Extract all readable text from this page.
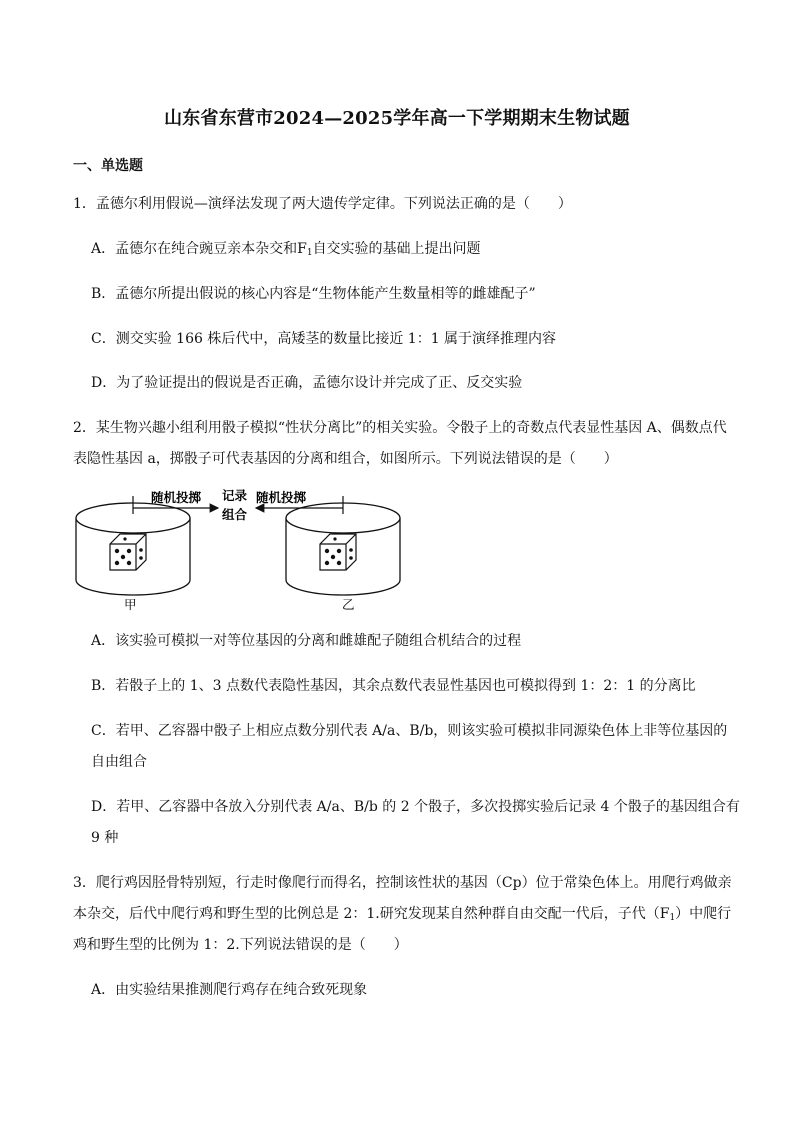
山东省东营市2024—2025学年高一下学期期末生物试题
一、单选题
1．孟德尔利用假说—演绎法发现了两大遗传学定律。下列说法正确的是（　　）
A．孟德尔在纯合豌豆亲本杂交和$F_1$自交实验的基础上提出问题
B．孟德尔所提出假说的核心内容是“生物体能产生数量相等的雌雄配子”
C．测交实验 166 株后代中，高矮茎的数量比接近 1：1 属于演绎推理内容
D．为了验证提出的假说是否正确，孟德尔设计并完成了正、反交实验
2．某生物兴趣小组利用骰子模拟“性状分离比”的相关实验。令骰子上的奇数点代表显性基因 A、偶数点代
表隐性基因 a，掷骰子可代表基因的分离和组合，如图所示。下列说法错误的是（　　）
随机投掷	随机投掷
记录
组合
甲	乙
A．该实验可模拟一对等位基因的分离和雌雄配子随组合机结合的过程
B．若骰子上的 1、3 点数代表隐性基因，其余点数代表显性基因也可模拟得到 1：2：1 的分离比
C．若甲、乙容器中骰子上相应点数分别代表 A/a、B/b，则该实验可模拟非同源染色体上非等位基因的
自由组合
D．若甲、乙容器中各放入分别代表 A/a、B/b 的 2 个骰子，多次投掷实验后记录 4 个骰子的基因组合有
9 种
3．爬行鸡因胫骨特别短，行走时像爬行而得名，控制该性状的基因（Cp）位于常染色体上。用爬行鸡做亲
本杂交，后代中爬行鸡和野生型的比例总是 2：1.研究发现某自然种群自由交配一代后，子代$(F_1)$中爬行
鸡和野生型的比例为 1：2.下列说法错误的是（　　）
A．由实验结果推测爬行鸡存在纯合致死现象
